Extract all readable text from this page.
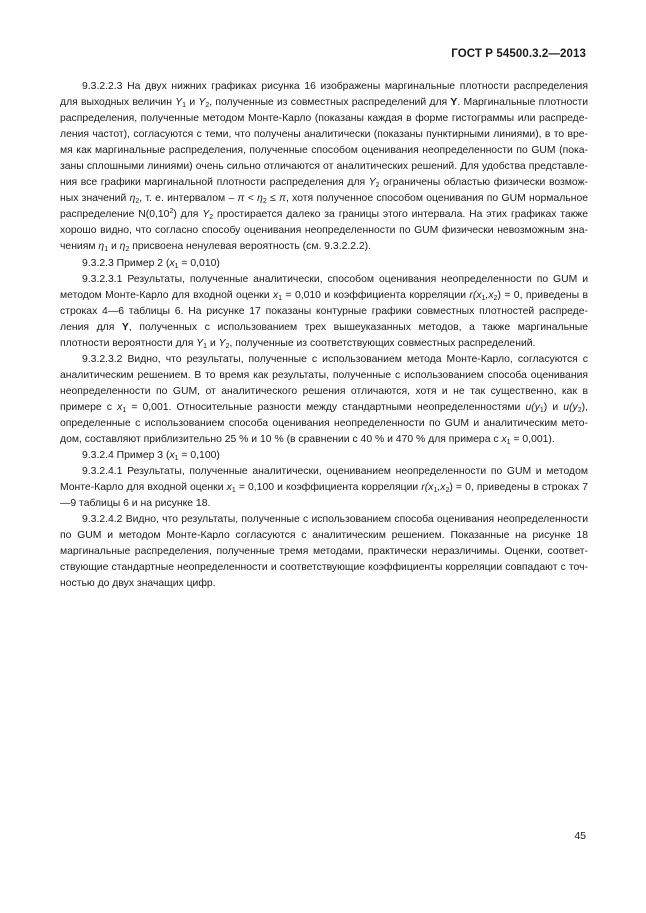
ГОСТ Р 54500.3.2—2013

9.3.2.2.3 На двух нижних графиках рисунка 16 изображены маргинальные плотности распределения для выходных величин $Y_1$ и $Y_2$, полученные из совместных распределений для Y. Маргинальные плотности распределения, полученные методом Монте-Карло (показаны каждая в форме гистограммы или распределения частот), согласуются с теми, что получены аналитически (показаны пунктирными линиями), в то время как маргинальные распределения, полученные способом оценивания неопределенности по GUM (показаны сплошными линиями) очень сильно отличаются от аналитических решений. Для удобства представления все графики маргинальной плотности распределения для $Y_2$ ограничены областью физически возможных значений $\eta_2$, т. е. интервалом – $\pi < \eta_2 \le \pi$, хотя полученное способом оценивания по GUM нормальное распределение N(0,10$^2$) для $Y_2$ простирается далеко за границы этого интервала. На этих графиках также хорошо видно, что согласно способу оценивания неопределенности по GUM физически невозможным значениям $\eta_1$ и $\eta_2$ присвоена ненулевая вероятность (см. 9.3.2.2.2).

9.3.2.3 Пример 2 $(x_1 = 0,010)$

9.3.2.3.1 Результаты, полученные аналитически, способом оценивания неопределенности по GUM и методом Монте-Карло для входной оценки $x_1 = 0,010$ и коэффициента корреляции $r(x_1,x_2) = 0$, приведены в строках 4—6 таблицы 6. На рисунке 17 показаны контурные графики совместных плотностей распределения для Y, полученных с использованием трех вышеуказанных методов, а также маргинальные плотности вероятности для $Y_1$ и $Y_2$, полученные из соответствующих совместных распределений.

9.3.2.3.2 Видно, что результаты, полученные с использованием метода Монте-Карло, согласуются с аналитическим решением. В то время как результаты, полученные с использованием способа оценивания неопределенности по GUM, от аналитического решения отличаются, хотя и не так существенно, как в примере с $x_1 = 0,001$. Относительные разности между стандартными неопределенностями $u(y_1)$ и $u(y_2)$, определенные с использованием способа оценивания неопределенности по GUM и аналитическим методом, составляют приблизительно 25 % и 10 % (в сравнении с 40 % и 470 % для примера с $x_1 = 0,001$).

9.3.2.4 Пример 3 $(x_1 = 0,100)$

9.3.2.4.1 Результаты, полученные аналитически, оцениванием неопределенности по GUM и методом Монте-Карло для входной оценки $x_1 = 0,100$ и коэффициента корреляции $r(x_1,x_2) = 0$, приведены в строках 7—9 таблицы 6 и на рисунке 18.

9.3.2.4.2 Видно, что результаты, полученные с использованием способа оценивания неопределенности по GUM и методом Монте-Карло согласуются с аналитическим решением. Показанные на рисунке 18 маргинальные распределения, полученные тремя методами, практически неразличимы. Оценки, соответствующие стандартные неопределенности и соответствующие коэффициенты корреляции совпадают с точностью до двух значащих цифр.

45
